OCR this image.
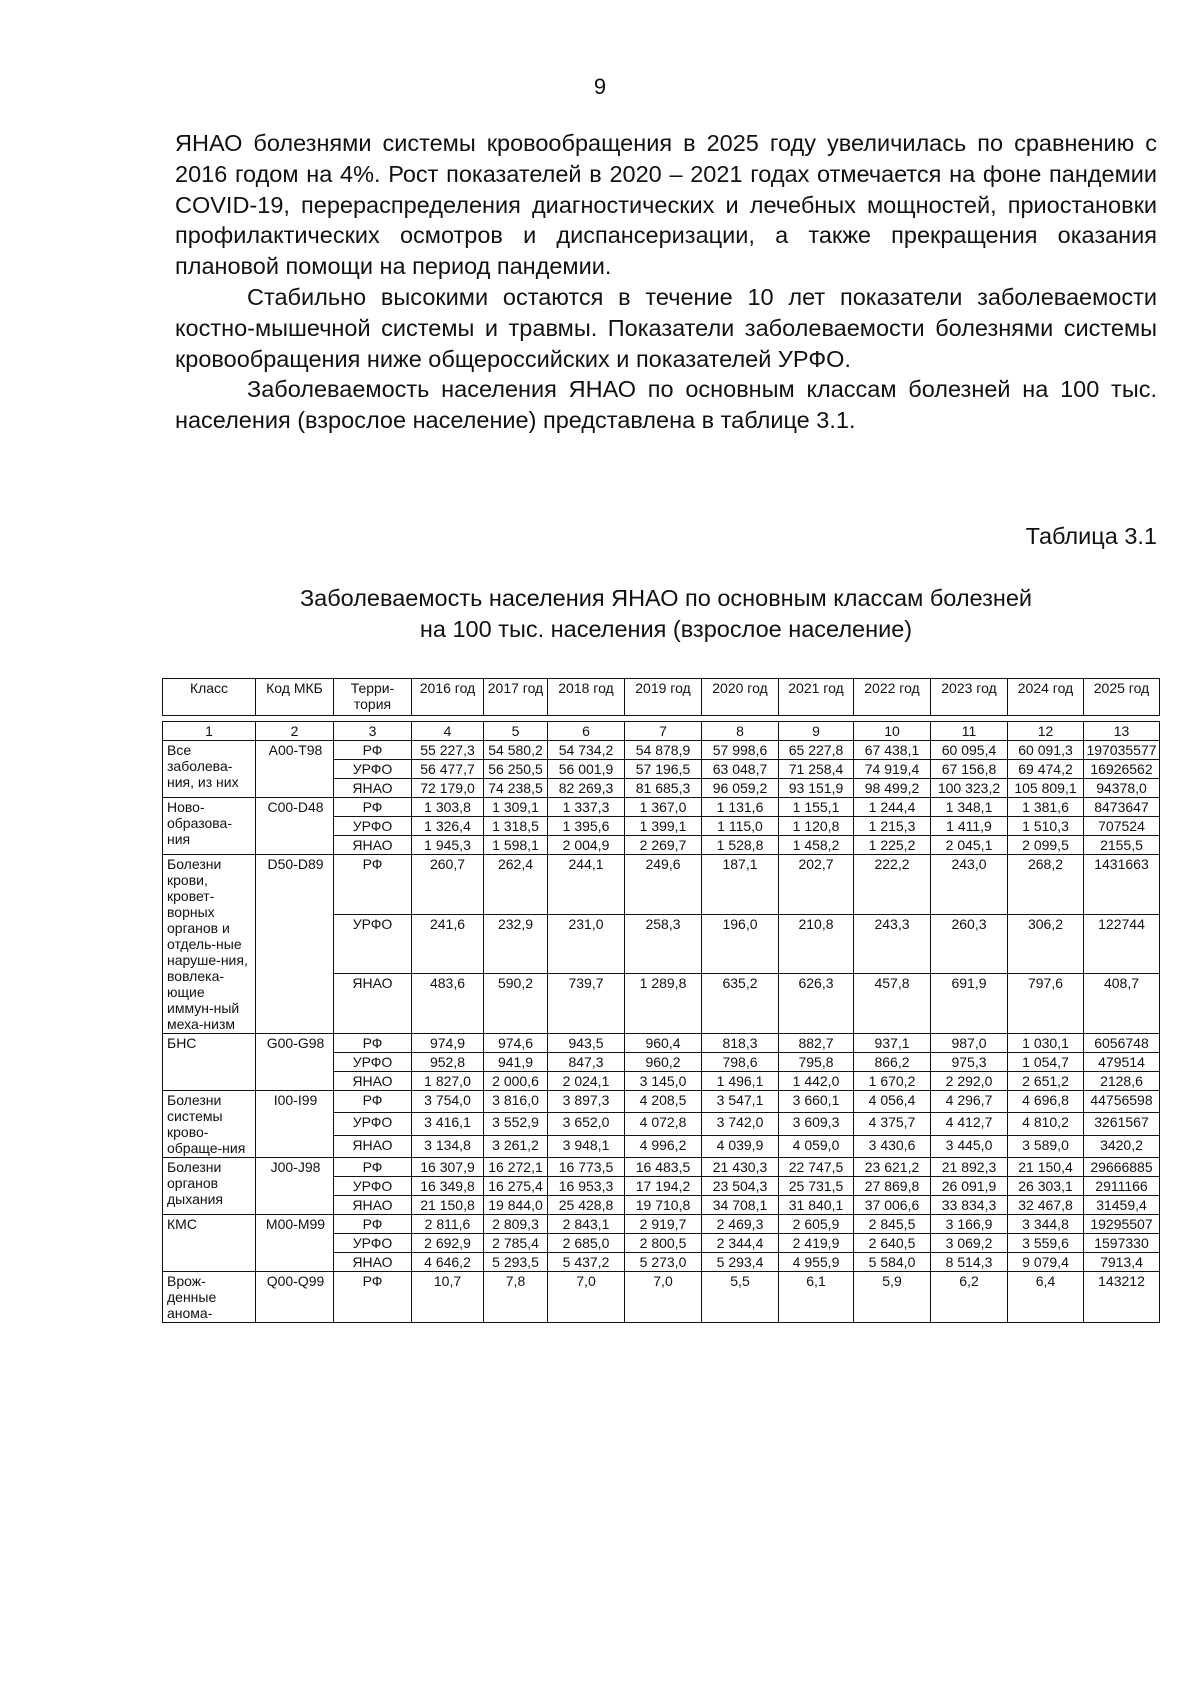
9

ЯНАО болезнями системы кровообращения в 2025 году увеличилась по сравнению с 2016 годом на 4%. Рост показателей в 2020 – 2021 годах отмечается на фоне пандемии COVID-19, перераспределения диагностических и лечебных мощностей, приостановки профилактических осмотров и диспансеризации, а также прекращения оказания плановой помощи на период пандемии.

Стабильно высокими остаются в течение 10 лет показатели заболеваемости костно-мышечной системы и травмы. Показатели заболеваемости болезнями системы кровообращения ниже общероссийских и показателей УРФО.

Заболеваемость населения ЯНАО по основным классам болезней на 100 тыс. населения (взрослое население) представлена в таблице 3.1.

Таблица 3.1
Заболеваемость населения ЯНАО по основным классам болезней
на 100 тыс. населения (взрослое население)
Класс	Код МКБ	Терри-тория	2016 год	2017 год	2018 год	2019 год	2020 год	2021 год	2022 год	2023 год	2024 год	2025 год

1	2	3	4	5	6	7	8	9	10	11	12	13
Все заболева-ния, из них	A00-T98	РФ	55 227,3	54 580,2	54 734,2	54 878,9	57 998,6	65 227,8	67 438,1	60 095,4	60 091,3	197035577
		УРФО	56 477,7	56 250,5	56 001,9	57 196,5	63 048,7	71 258,4	74 919,4	67 156,8	69 474,2	16926562
		ЯНАО	72 179,0	74 238,5	82 269,3	81 685,3	96 059,2	93 151,9	98 499,2	100 323,2	105 809,1	94378,0
Ново-образова-ния	C00-D48	РФ	1 303,8	1 309,1	1 337,3	1 367,0	1 131,6	1 155,1	1 244,4	1 348,1	1 381,6	8473647
		УРФО	1 326,4	1 318,5	1 395,6	1 399,1	1 115,0	1 120,8	1 215,3	1 411,9	1 510,3	707524
		ЯНАО	1 945,3	1 598,1	2 004,9	2 269,7	1 528,8	1 458,2	1 225,2	2 045,1	2 099,5	2155,5
Болезни крови, кровет-ворных органов и отдель-ные наруше-ния, вовлека-ющие иммун-ный меха-низм	D50-D89	РФ	260,7	262,4	244,1	249,6	187,1	202,7	222,2	243,0	268,2	1431663
		УРФО	241,6	232,9	231,0	258,3	196,0	210,8	243,3	260,3	306,2	122744
		ЯНАО	483,6	590,2	739,7	1 289,8	635,2	626,3	457,8	691,9	797,6	408,7
БНС	G00-G98	РФ	974,9	974,6	943,5	960,4	818,3	882,7	937,1	987,0	1 030,1	6056748
		УРФО	952,8	941,9	847,3	960,2	798,6	795,8	866,2	975,3	1 054,7	479514
		ЯНАО	1 827,0	2 000,6	2 024,1	3 145,0	1 496,1	1 442,0	1 670,2	2 292,0	2 651,2	2128,6
Болезни системы крово-обраще-ния	I00-I99	РФ	3 754,0	3 816,0	3 897,3	4 208,5	3 547,1	3 660,1	4 056,4	4 296,7	4 696,8	44756598
		УРФО	3 416,1	3 552,9	3 652,0	4 072,8	3 742,0	3 609,3	4 375,7	4 412,7	4 810,2	3261567
		ЯНАО	3 134,8	3 261,2	3 948,1	4 996,2	4 039,9	4 059,0	3 430,6	3 445,0	3 589,0	3420,2
Болезни органов дыхания	J00-J98	РФ	16 307,9	16 272,1	16 773,5	16 483,5	21 430,3	22 747,5	23 621,2	21 892,3	21 150,4	29666885
		УРФО	16 349,8	16 275,4	16 953,3	17 194,2	23 504,3	25 731,5	27 869,8	26 091,9	26 303,1	2911166
		ЯНАО	21 150,8	19 844,0	25 428,8	19 710,8	34 708,1	31 840,1	37 006,6	33 834,3	32 467,8	31459,4
КМС	M00-M99	РФ	2 811,6	2 809,3	2 843,1	2 919,7	2 469,3	2 605,9	2 845,5	3 166,9	3 344,8	19295507
		УРФО	2 692,9	2 785,4	2 685,0	2 800,5	2 344,4	2 419,9	2 640,5	3 069,2	3 559,6	1597330
		ЯНАО	4 646,2	5 293,5	5 437,2	5 273,0	5 293,4	4 955,9	5 584,0	8 514,3	9 079,4	7913,4
Врож-денные анома-	Q00-Q99	РФ	10,7	7,8	7,0	7,0	5,5	6,1	5,9	6,2	6,4	143212
